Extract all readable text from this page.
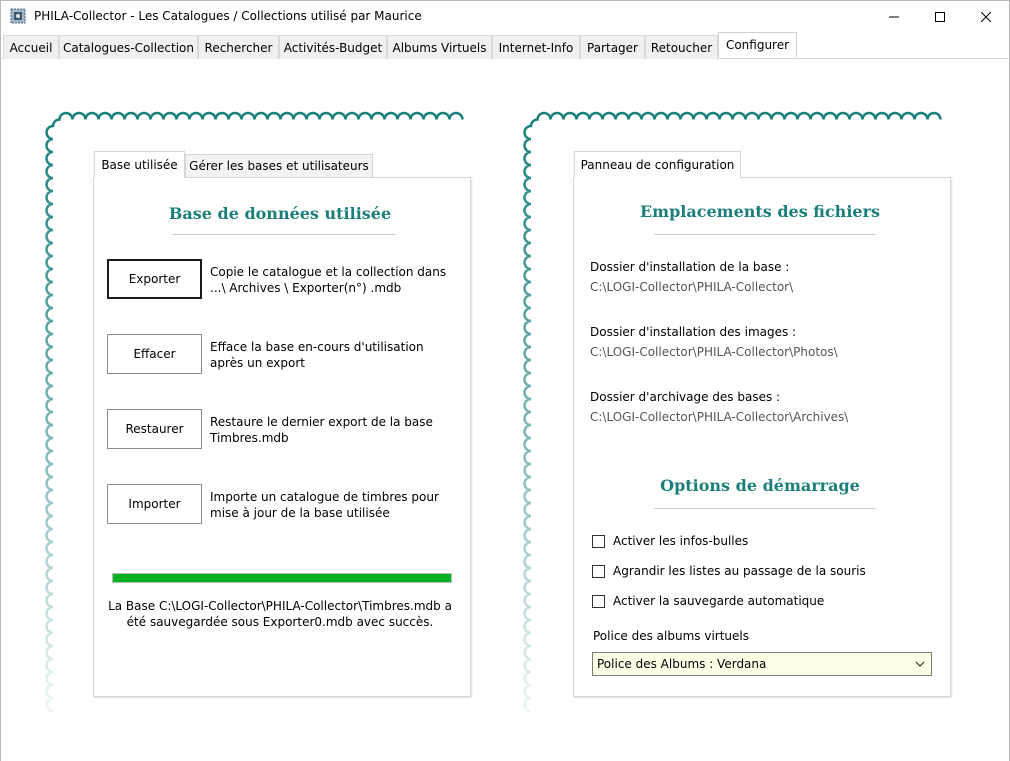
PHILA-Collector - Les Catalogues / Collections utilisé par Maurice
Accueil Catalogues-Collection Rechercher Activités-Budget Albums Virtuels	Internet-Info	Partager	Retoucher	Configurer
Base utilisée Gérer les bases et utilisateurs
Base de données utilisée
Exporter	Copie le catalogue et la collection dans ...\ Archives \ Exporter(n°) .mdb
Effacer	Efface la base en-cours d'utilisation après un export
Restaurer	Restaure le dernier export de la base Timbres.mdb
Importer	Importe un catalogue de timbres pour mise à jour de la base utilisée
La Base C:\LOGI-Collector\PHILA-Collector\Timbres.mdb a
été sauvegardée sous Exporter0.mdb avec succès.
Panneau de configuration
Emplacements des fichiers
Dossier d'installation de la base :
C:\LOGI-Collector\PHILA-Collector\
Dossier d'installation des images :
C:\LOGI-Collector\PHILA-Collector\Photos\
Dossier d'archivage des bases :
C:\LOGI-Collector\PHILA-Collector\Archives\
Options de démarrage
Activer les infos-bulles
Agrandir les listes au passage de la souris
Activer la sauvegarde automatique
Police des albums virtuels
Police des Albums : Verdana
